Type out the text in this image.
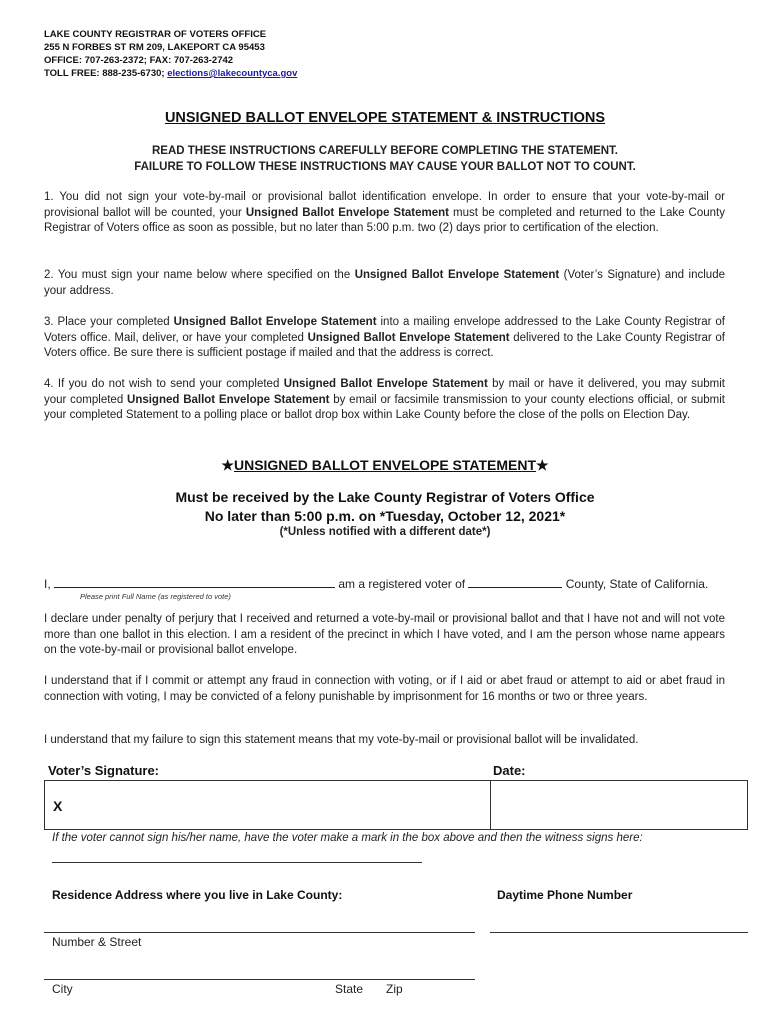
LAKE COUNTY REGISTRAR OF VOTERS OFFICE
255 N FORBES ST RM 209, LAKEPORT CA 95453
OFFICE: 707-263-2372; FAX: 707-263-2742
TOLL FREE: 888-235-6730; elections@lakecountyca.gov
UNSIGNED BALLOT ENVELOPE STATEMENT & INSTRUCTIONS
READ THESE INSTRUCTIONS CAREFULLY BEFORE COMPLETING THE STATEMENT.
FAILURE TO FOLLOW THESE INSTRUCTIONS MAY CAUSE YOUR BALLOT NOT TO COUNT.
1. You did not sign your vote-by-mail or provisional ballot identification envelope. In order to ensure that your vote-by-mail or provisional ballot will be counted, your Unsigned Ballot Envelope Statement must be completed and returned to the Lake County Registrar of Voters office as soon as possible, but no later than 5:00 p.m. two (2) days prior to certification of the election.
2. You must sign your name below where specified on the Unsigned Ballot Envelope Statement (Voter’s Signature) and include your address.
3. Place your completed Unsigned Ballot Envelope Statement into a mailing envelope addressed to the Lake County Registrar of Voters office. Mail, deliver, or have your completed Unsigned Ballot Envelope Statement delivered to the Lake County Registrar of Voters office. Be sure there is sufficient postage if mailed and that the address is correct.
4. If you do not wish to send your completed Unsigned Ballot Envelope Statement by mail or have it delivered, you may submit your completed Unsigned Ballot Envelope Statement by email or facsimile transmission to your county elections official, or submit your completed Statement to a polling place or ballot drop box within Lake County before the close of the polls on Election Day.
★UNSIGNED BALLOT ENVELOPE STATEMENT★
Must be received by the Lake County Registrar of Voters Office
No later than 5:00 p.m. on *Tuesday, October 12, 2021*
(*Unless notified with a different date*)
I,	am a registered voter of	County, State of California.
Please print Full Name (as registered to vote)
I declare under penalty of perjury that I received and returned a vote-by-mail or provisional ballot and that I have not and will not vote more than one ballot in this election. I am a resident of the precinct in which I have voted, and I am the person whose name appears on the vote-by-mail or provisional ballot envelope.
I understand that if I commit or attempt any fraud in connection with voting, or if I aid or abet fraud or attempt to aid or abet fraud in connection with voting, I may be convicted of a felony punishable by imprisonment for 16 months or two or three years.
I understand that my failure to sign this statement means that my vote-by-mail or provisional ballot will be invalidated.
Voter’s Signature:	Date:
X
If the voter cannot sign his/her name, have the voter make a mark in the box above and then the witness signs here:
Residence Address where you live in Lake County:	Daytime Phone Number
Number & Street
City	State Zip
